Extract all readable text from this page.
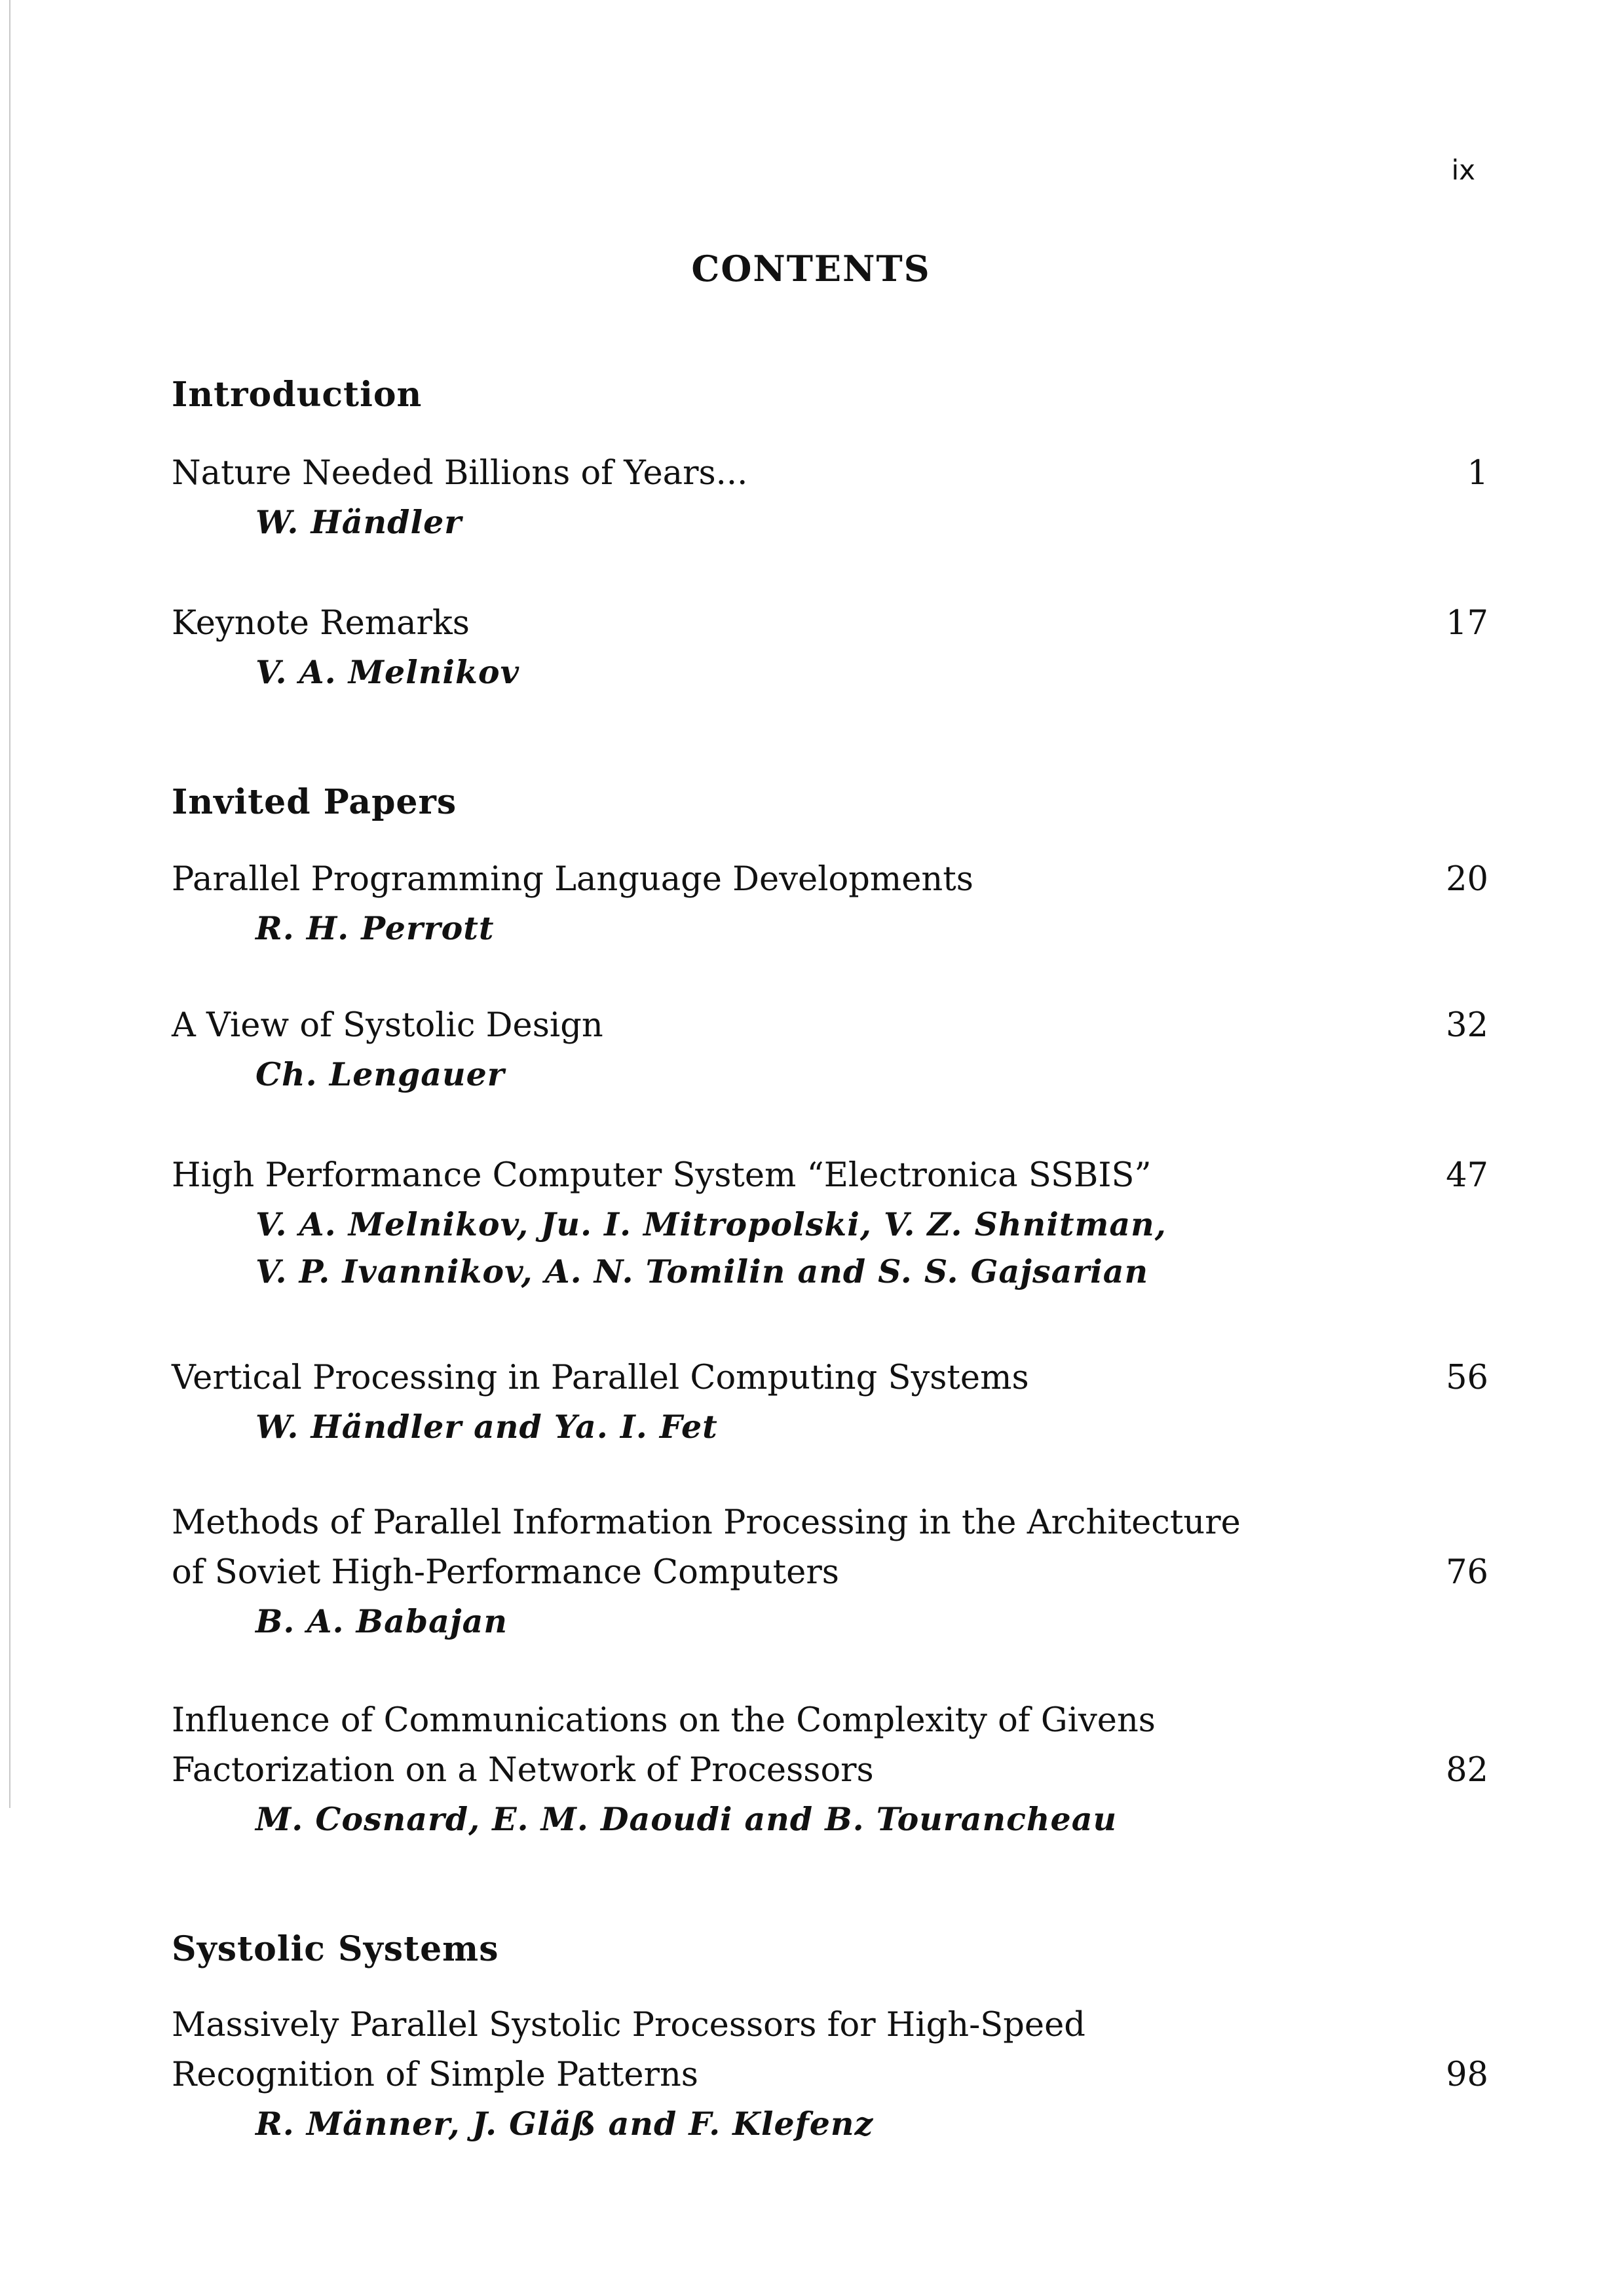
ix
CONTENTS
Introduction
Nature Needed Billions of Years...
W. Händler
1
Keynote Remarks
V. A. Melnikov
17
Invited Papers
Parallel Programming Language Developments
R. H. Perrott
20
A View of Systolic Design
Ch. Lengauer
32
High Performance Computer System “Electronica SSBIS”
V. A. Melnikov, Ju. I. Mitropolski, V. Z. Shnitman,
V. P. Ivannikov, A. N. Tomilin and S. S. Gajsarian
47
Vertical Processing in Parallel Computing Systems
W. Händler and Ya. I. Fet
56
Methods of Parallel Information Processing in the Architecture
of Soviet High-Performance Computers
B. A. Babajan
76
Influence of Communications on the Complexity of Givens
Factorization on a Network of Processors
M. Cosnard, E. M. Daoudi and B. Tourancheau
82
Systolic Systems
Massively Parallel Systolic Processors for High-Speed
Recognition of Simple Patterns
R. Männer, J. Gläß and F. Klefenz
98
